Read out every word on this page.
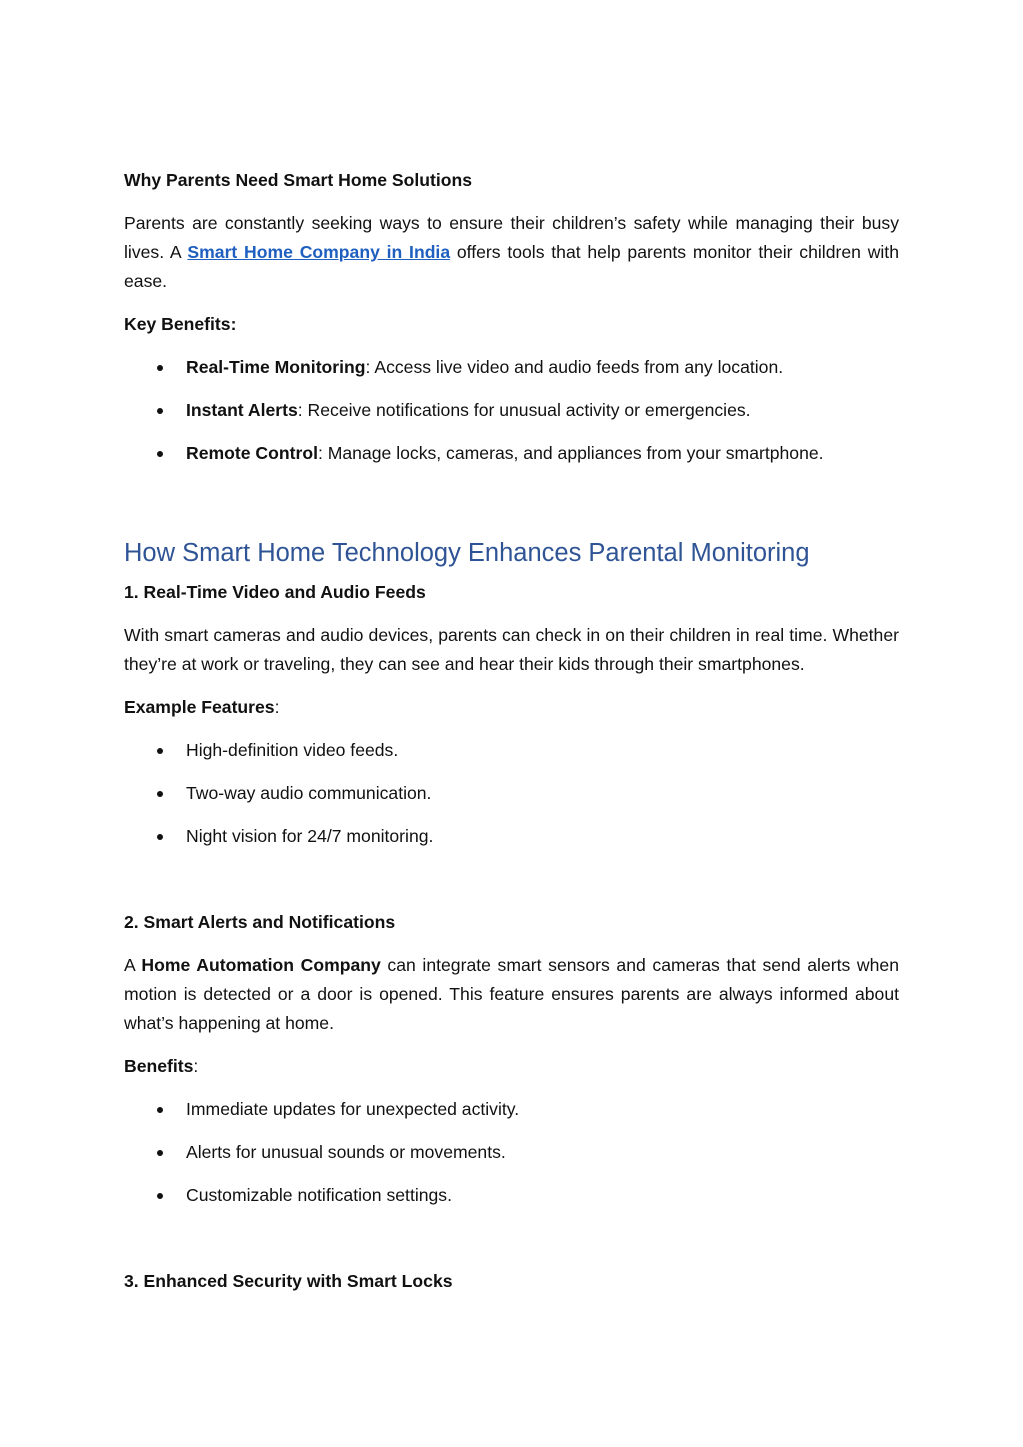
Why Parents Need Smart Home Solutions

Parents are constantly seeking ways to ensure their children’s safety while managing their busy lives. A Smart Home Company in India offers tools that help parents monitor their children with ease.

Key Benefits:
Real-Time Monitoring: Access live video and audio feeds from any location.
Instant Alerts: Receive notifications for unusual activity or emergencies.
Remote Control: Manage locks, cameras, and appliances from your smartphone.
How Smart Home Technology Enhances Parental Monitoring
1. Real-Time Video and Audio Feeds

With smart cameras and audio devices, parents can check in on their children in real time. Whether they’re at work or traveling, they can see and hear their kids through their smartphones.

Example Features:
High-definition video feeds.
Two-way audio communication.
Night vision for 24/7 monitoring.
2. Smart Alerts and Notifications

A Home Automation Company can integrate smart sensors and cameras that send alerts when motion is detected or a door is opened. This feature ensures parents are always informed about what’s happening at home.

Benefits:
Immediate updates for unexpected activity.
Alerts for unusual sounds or movements.
Customizable notification settings.
3. Enhanced Security with Smart Locks
